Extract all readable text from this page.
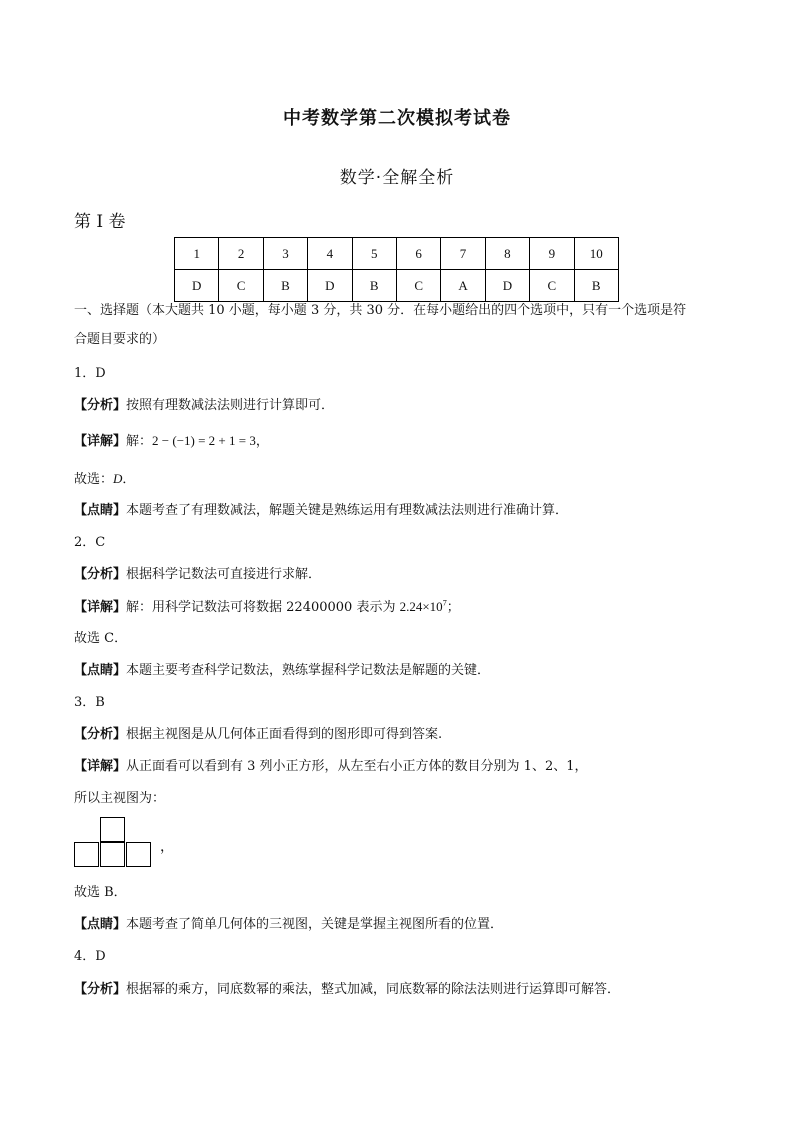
中考数学第二次模拟考试卷
数学·全解全析
第 I 卷
1	2	3	4	5	6	7	8	9	10
D	C	B	D	B	C	A	D	C	B
一、选择题（本大题共 10 小题，每小题 3 分，共 30 分．在每小题给出的四个选项中，只有一个选项是符
合题目要求的）
1．D
【分析】按照有理数减法法则进行计算即可．
【详解】解：2 − (−1) = 2 + 1 = 3，
故选：D．
【点睛】本题考查了有理数减法，解题关键是熟练运用有理数减法法则进行准确计算．
2．C
【分析】根据科学记数法可直接进行求解．
【详解】解：用科学记数法可将数据 22400000 表示为 $2.24\times 10^7$；
故选 C．
【点睛】本题主要考查科学记数法，熟练掌握科学记数法是解题的关键．
3．B
【分析】根据主视图是从几何体正面看得到的图形即可得到答案.
【详解】从正面看可以看到有 3 列小正方形，从左至右小正方体的数目分别为 1、2、1，
所以主视图为：
，
故选 B．
【点睛】本题考查了简单几何体的三视图，关键是掌握主视图所看的位置．
4．D
【分析】根据幂的乘方，同底数幂的乘法，整式加减，同底数幂的除法法则进行运算即可解答．
